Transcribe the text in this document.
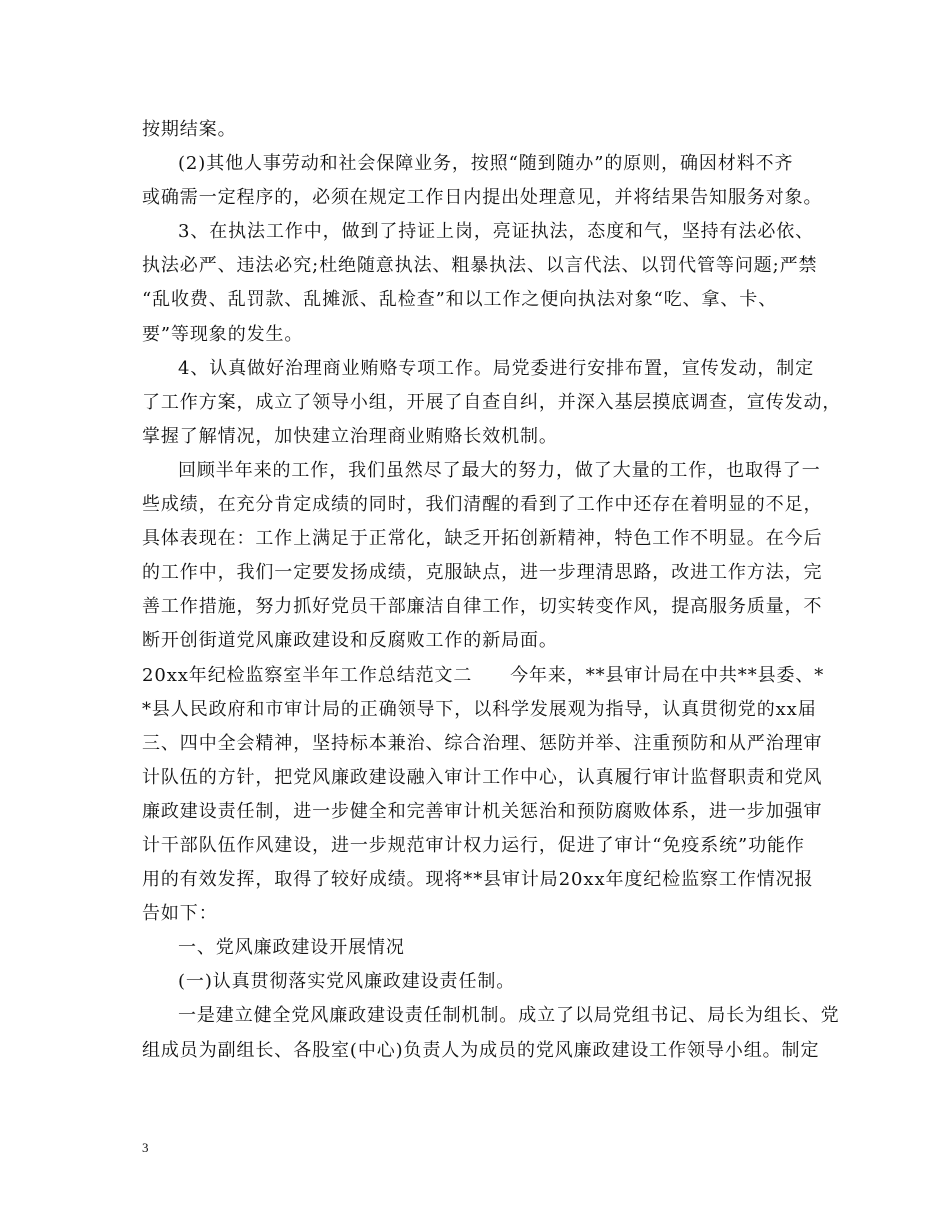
按期结案。
(2)其他人事劳动和社会保障业务，按照“随到随办”的原则，确因材料不齐
或确需一定程序的，必须在规定工作日内提出处理意见，并将结果告知服务对象。
3、在执法工作中，做到了持证上岗，亮证执法，态度和气，坚持有法必依、
执法必严、违法必究;杜绝随意执法、粗暴执法、以言代法、以罚代管等问题;严禁
“乱收费、乱罚款、乱摊派、乱检查”和以工作之便向执法对象“吃、拿、卡、
要”等现象的发生。
4、认真做好治理商业贿赂专项工作。局党委进行安排布置，宣传发动，制定
了工作方案，成立了领导小组，开展了自查自纠，并深入基层摸底调查，宣传发动，
掌握了解情况，加快建立治理商业贿赂长效机制。
回顾半年来的工作，我们虽然尽了最大的努力，做了大量的工作，也取得了一
些成绩，在充分肯定成绩的同时，我们清醒的看到了工作中还存在着明显的不足，
具体表现在：工作上满足于正常化，缺乏开拓创新精神，特色工作不明显。在今后
的工作中，我们一定要发扬成绩，克服缺点，进一步理清思路，改进工作方法，完
善工作措施，努力抓好党员干部廉洁自律工作，切实转变作风，提高服务质量，不
断开创街道党风廉政建设和反腐败工作的新局面。
20xx年纪检监察室半年工作总结范文二　　今年来，**县审计局在中共**县委、*
*县人民政府和市审计局的正确领导下，以科学发展观为指导，认真贯彻党的xx届
三、四中全会精神，坚持标本兼治、综合治理、惩防并举、注重预防和从严治理审
计队伍的方针，把党风廉政建设融入审计工作中心，认真履行审计监督职责和党风
廉政建设责任制，进一步健全和完善审计机关惩治和预防腐败体系，进一步加强审
计干部队伍作风建设，进一步规范审计权力运行，促进了审计“免疫系统”功能作
用的有效发挥，取得了较好成绩。现将**县审计局20xx年度纪检监察工作情况报
告如下：
一、党风廉政建设开展情况
(一)认真贯彻落实党风廉政建设责任制。
一是建立健全党风廉政建设责任制机制。成立了以局党组书记、局长为组长、党
组成员为副组长、各股室(中心)负责人为成员的党风廉政建设工作领导小组。制定
3
